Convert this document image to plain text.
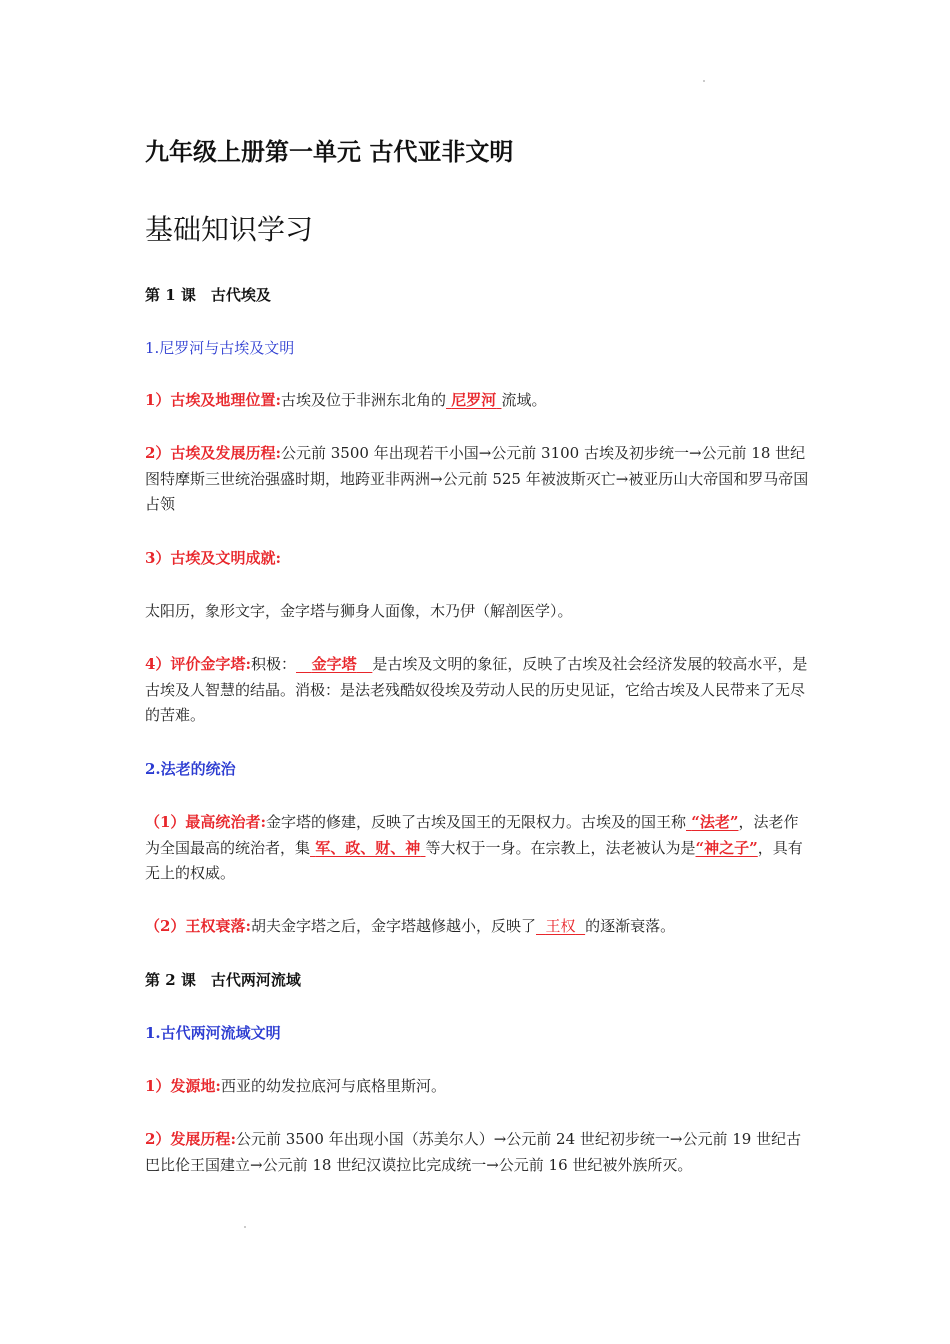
九年级上册第一单元 古代亚非文明
基础知识学习
第 1 课　古代埃及
1.尼罗河与古埃及文明

1）古埃及地理位置:古埃及位于非洲东北角的 尼罗河 流域。

2）古埃及发展历程:公元前 3500 年出现若干小国→公元前 3100 古埃及初步统一→公元前 18 世纪图特摩斯三世统治强盛时期，地跨亚非两洲→公元前 525 年被波斯灭亡→被亚历山大帝国和罗马帝国占领

3）古埃及文明成就:

太阳历，象形文字，金字塔与狮身人面像，木乃伊（解剖医学）。

4）评价金字塔:积极： 金字塔 是古埃及文明的象征，反映了古埃及社会经济发展的较高水平，是古埃及人智慧的结晶。消极：是法老残酷奴役埃及劳动人民的历史见证，它给古埃及人民带来了无尽的苦难。

2.法老的统治

（1）最高统治者:金字塔的修建，反映了古埃及国王的无限权力。古埃及的国王称 “法老”，法老作为全国最高的统治者，集 军、政、财、神 等大权于一身。在宗教上，法老被认为是“神之子”，具有无上的权威。

（2）王权衰落:胡夫金字塔之后，金字塔越修越小，反映了 王权 的逐渐衰落。

第 2 课　古代两河流域
1.古代两河流域文明

1）发源地:西亚的幼发拉底河与底格里斯河。

2）发展历程:公元前 3500 年出现小国（苏美尔人）→公元前 24 世纪初步统一→公元前 19 世纪古巴比伦王国建立→公元前 18 世纪汉谟拉比完成统一→公元前 16 世纪被外族所灭。
